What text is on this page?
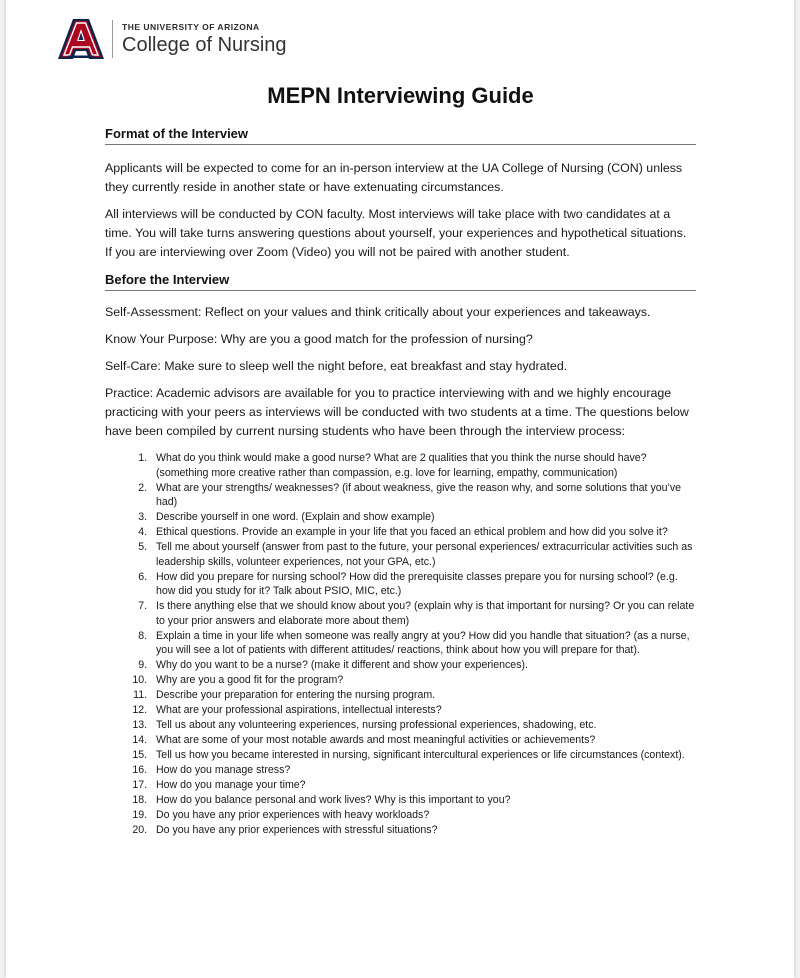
THE UNIVERSITY OF ARIZONA
College of Nursing
MEPN Interviewing Guide
Format of the Interview

Applicants will be expected to come for an in-person interview at the UA College of Nursing (CON) unless they currently reside in another state or have extenuating circumstances.

All interviews will be conducted by CON faculty. Most interviews will take place with two candidates at a time. You will take turns answering questions about yourself, your experiences and hypothetical situations. If you are interviewing over Zoom (Video) you will not be paired with another student.

Before the Interview

Self-Assessment: Reflect on your values and think critically about your experiences and takeaways.

Know Your Purpose: Why are you a good match for the profession of nursing?

Self-Care: Make sure to sleep well the night before, eat breakfast and stay hydrated.

Practice: Academic advisors are available for you to practice interviewing with and we highly encourage practicing with your peers as interviews will be conducted with two students at a time. The questions below have been compiled by current nursing students who have been through the interview process:

1. What do you think would make a good nurse? What are 2 qualities that you think the nurse should have? (something more creative rather than compassion, e.g. love for learning, empathy, communication)
2. What are your strengths/ weaknesses? (if about weakness, give the reason why, and some solutions that you’ve had)
3. Describe yourself in one word. (Explain and show example)
4. Ethical questions. Provide an example in your life that you faced an ethical problem and how did you solve it?
5. Tell me about yourself (answer from past to the future, your personal experiences/ extracurricular activities such as leadership skills, volunteer experiences, not your GPA, etc.)
6. How did you prepare for nursing school? How did the prerequisite classes prepare you for nursing school? (e.g. how did you study for it? Talk about PSIO, MIC, etc.)
7. Is there anything else that we should know about you? (explain why is that important for nursing? Or you can relate to your prior answers and elaborate more about them)
8. Explain a time in your life when someone was really angry at you? How did you handle that situation? (as a nurse, you will see a lot of patients with different attitudes/ reactions, think about how you will prepare for that).
9. Why do you want to be a nurse? (make it different and show your experiences).
10. Why are you a good fit for the program?
11. Describe your preparation for entering the nursing program.
12. What are your professional aspirations, intellectual interests?
13. Tell us about any volunteering experiences, nursing professional experiences, shadowing, etc.
14. What are some of your most notable awards and most meaningful activities or achievements?
15. Tell us how you became interested in nursing, significant intercultural experiences or life circumstances (context).
16. How do you manage stress?
17. How do you manage your time?
18. How do you balance personal and work lives? Why is this important to you?
19. Do you have any prior experiences with heavy workloads?
20. Do you have any prior experiences with stressful situations?
